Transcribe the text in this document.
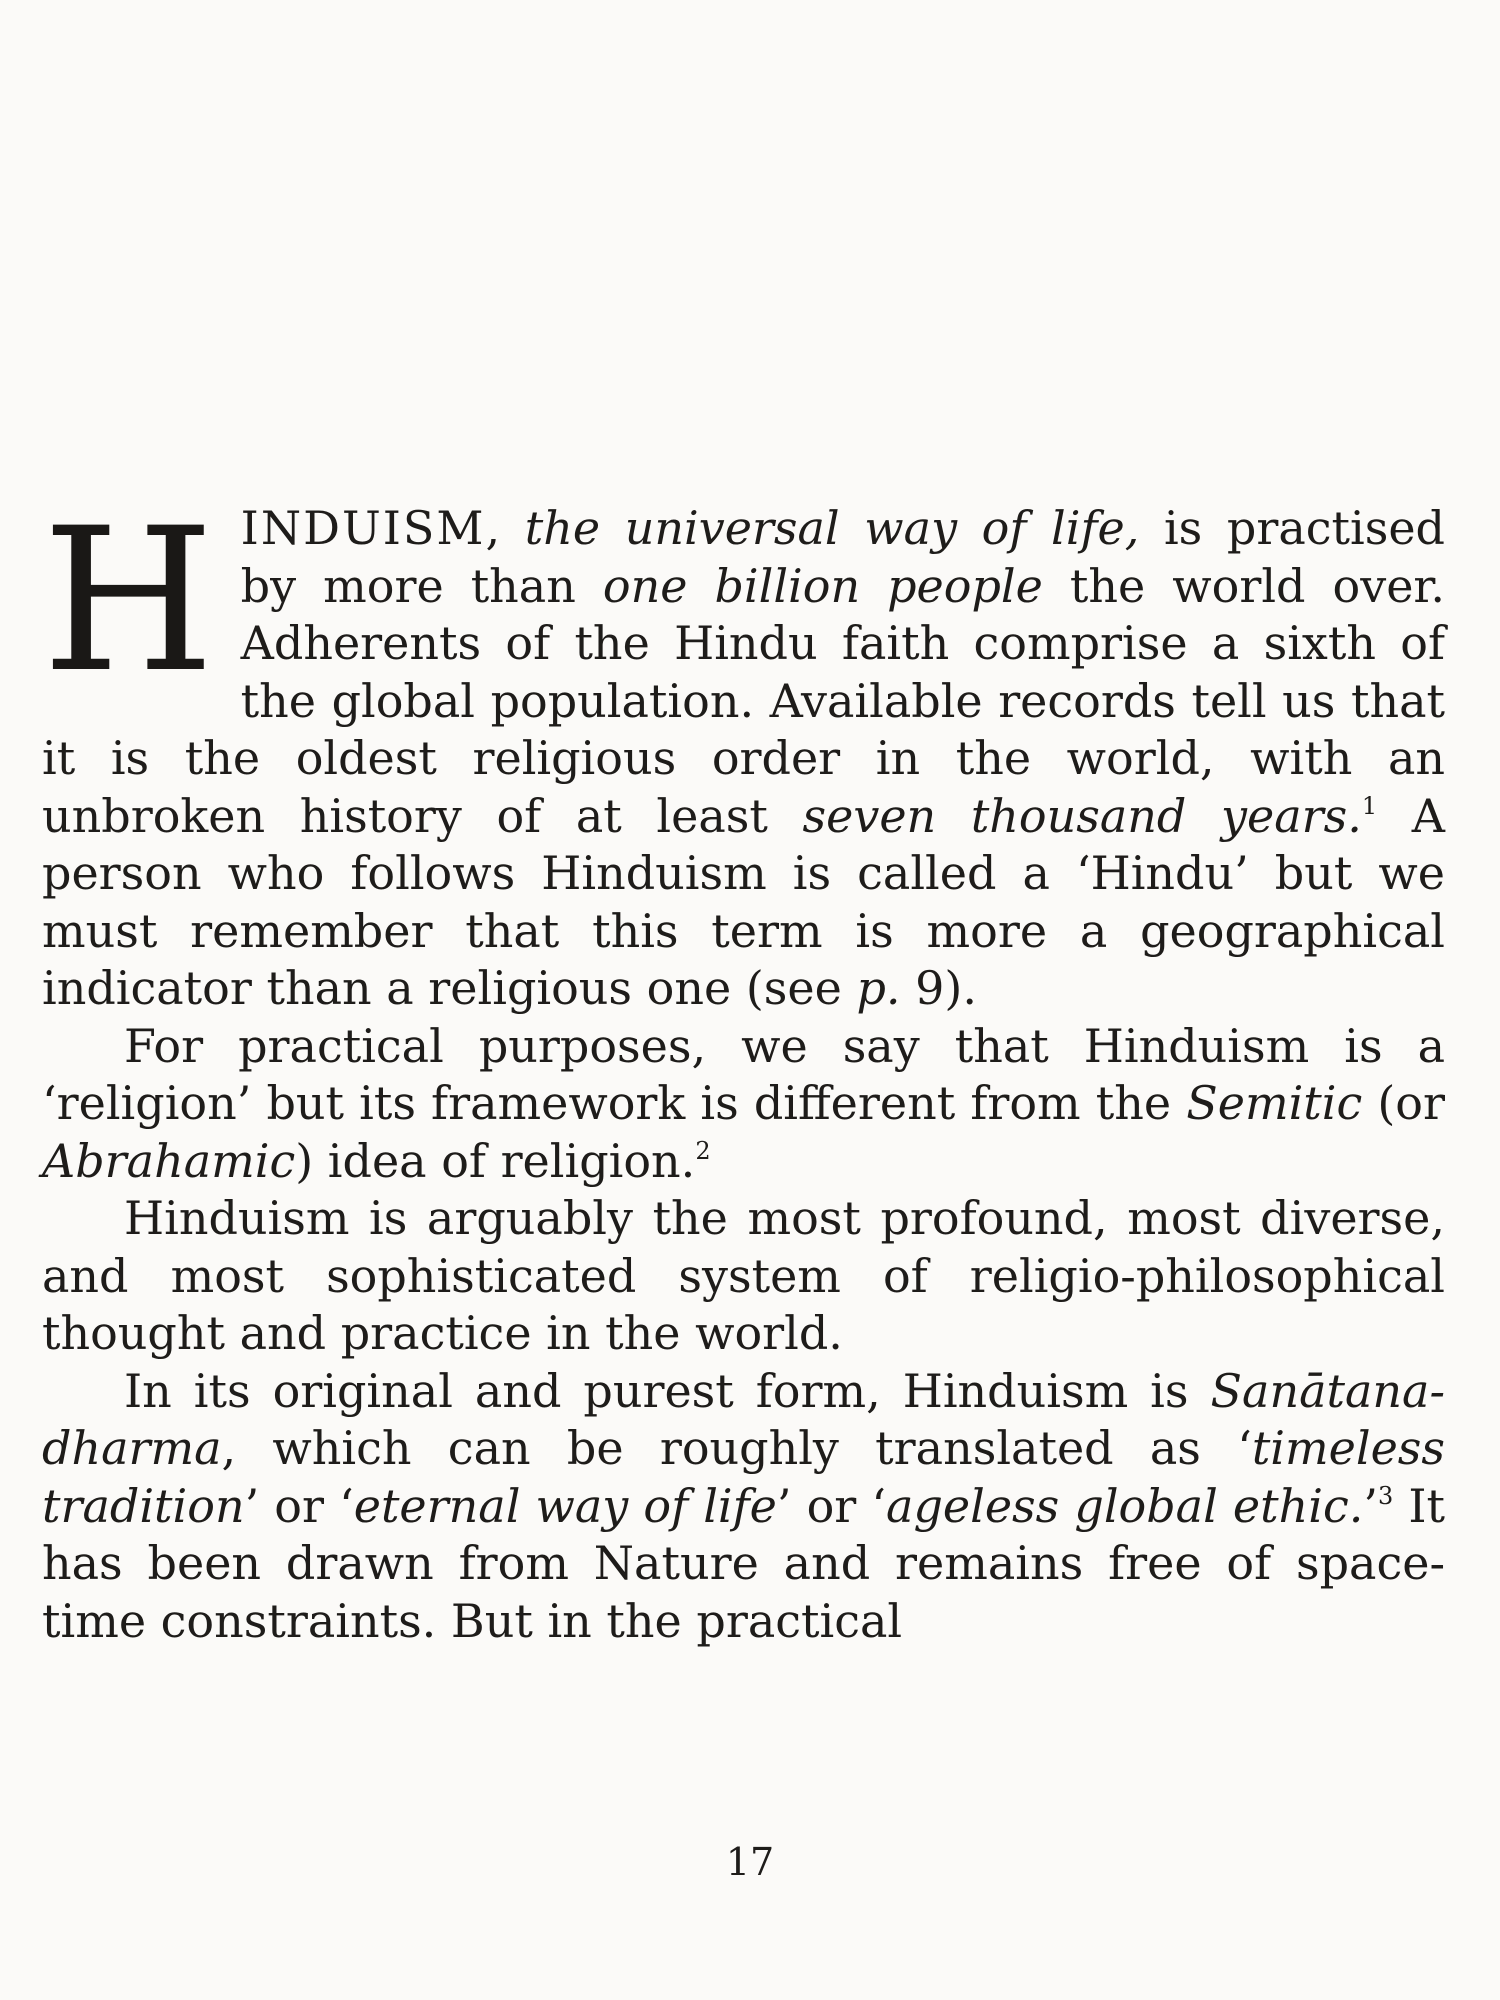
HINDUISM, the universal way of life, is practised by more than one billion people the world over. Adherents of the Hindu faith comprise a sixth of the global population. Available records tell us that it is the oldest religious order in the world, with an unbroken history of at least seven thousand years.$^1$ A person who follows Hinduism is called a ‘Hindu’ but we must remember that this term is more a geographical indicator than a religious one (see p. 9).

For practical purposes, we say that Hinduism is a ‘religion’ but its framework is different from the Semitic (or Abrahamic) idea of religion.$^2$

Hinduism is arguably the most profound, most diverse, and most sophisticated system of religio-philosophical thought and practice in the world.

In its original and purest form, Hinduism is Sanātana-dharma, which can be roughly translated as ‘timeless tradition’ or ‘eternal way of life’ or ‘ageless global ethic.’$^3$ It has been drawn from Nature and remains free of space-time constraints. But in the practical

17
